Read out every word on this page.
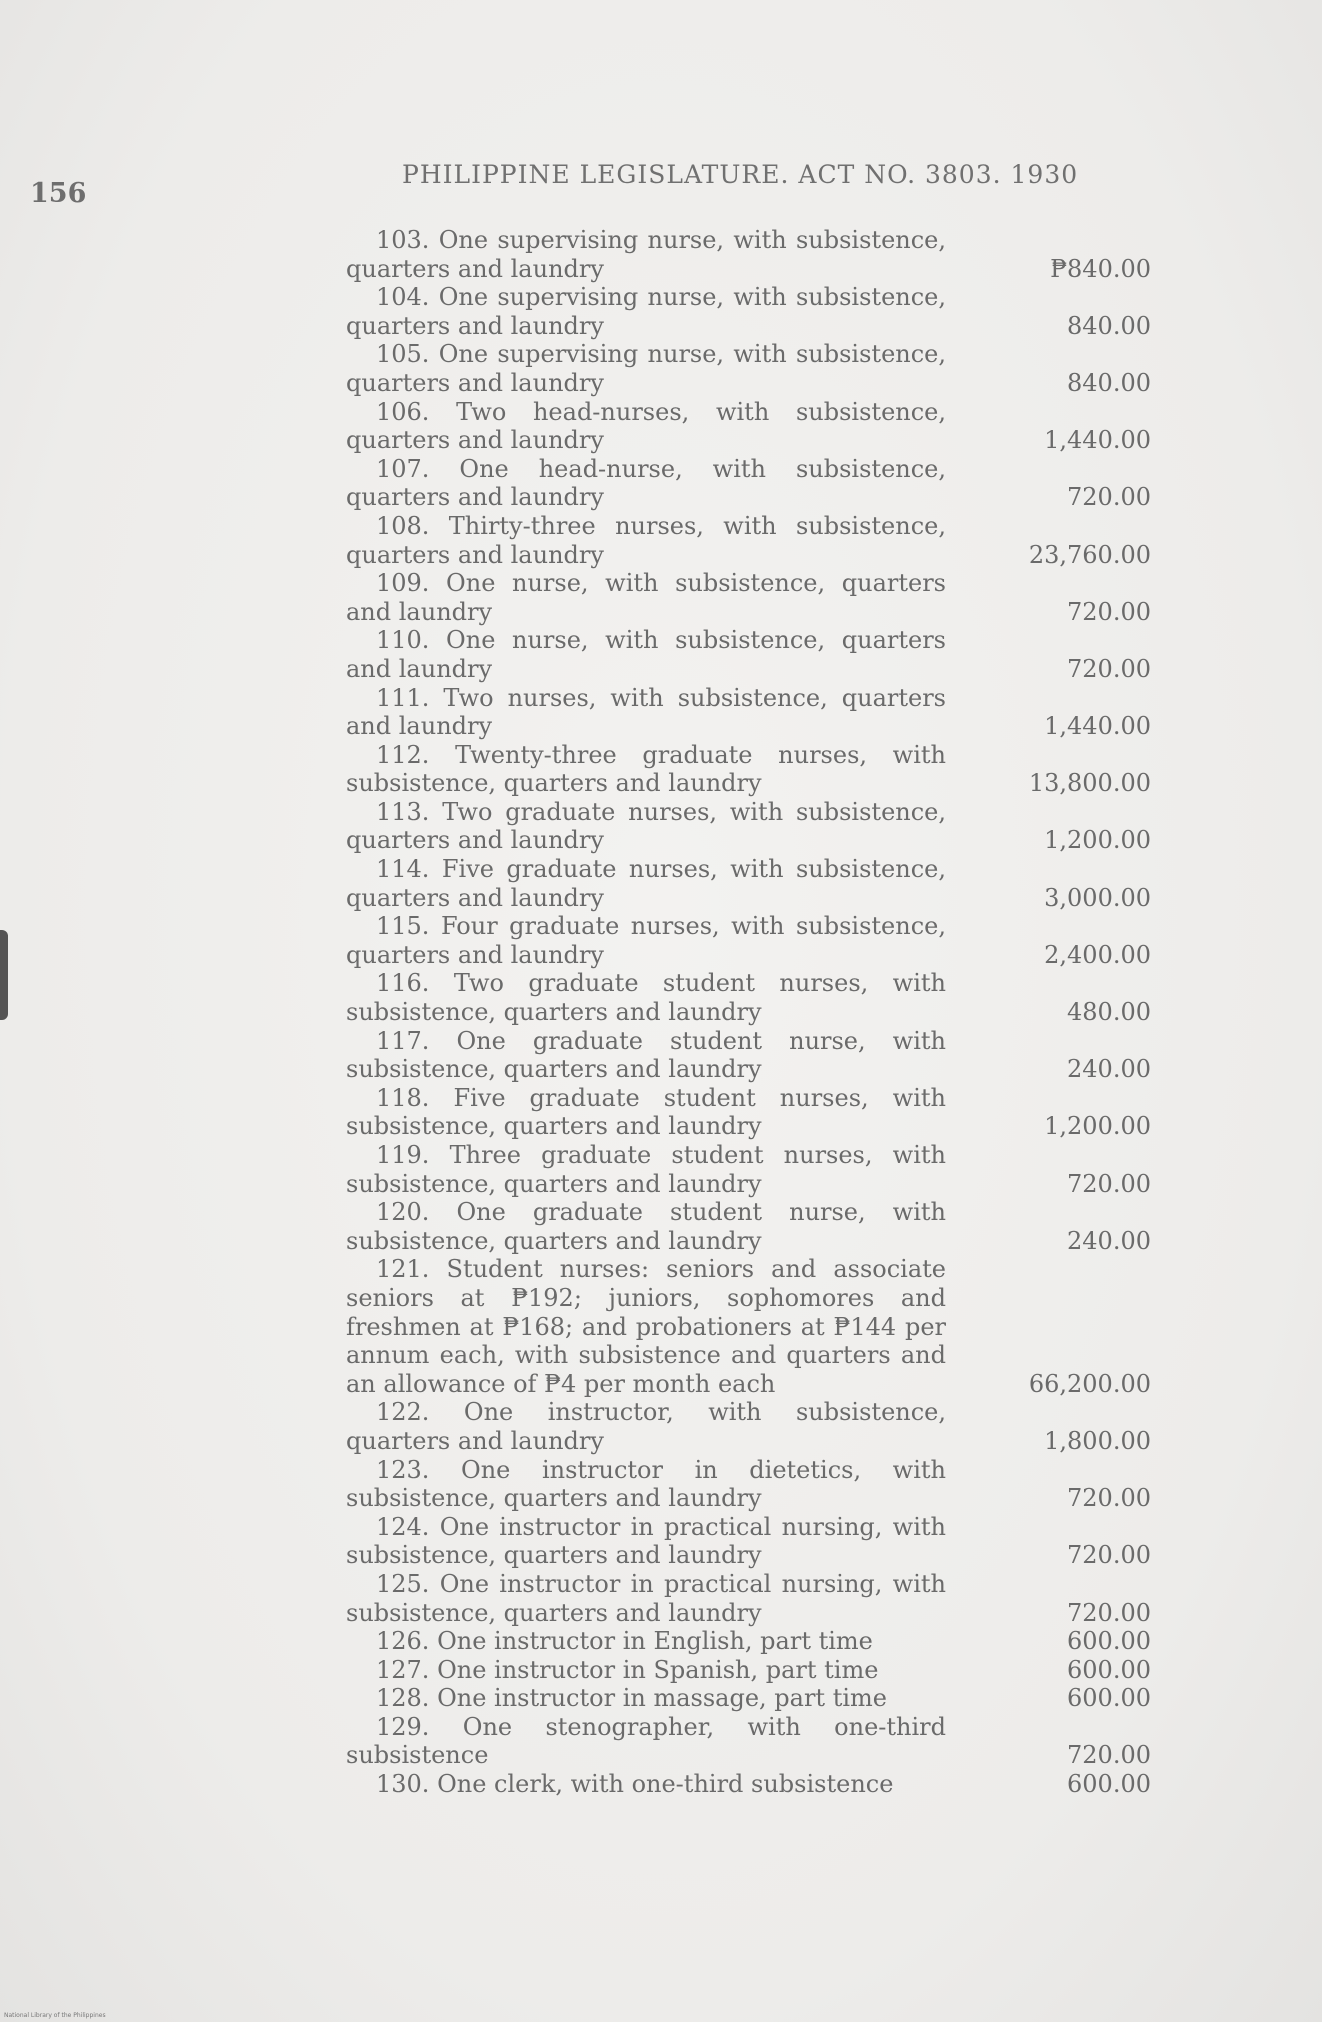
156
PHILIPPINE LEGISLATURE. ACT NO. 3803. 1930
103. One supervising nurse, with subsistence, quarters and laundry	₱840.00
104. One supervising nurse, with subsistence, quarters and laundry	840.00
105. One supervising nurse, with subsistence, quarters and laundry	840.00
106. Two head-nurses, with subsistence, quarters and laundry	1,440.00
107. One head-nurse, with subsistence, quarters and laundry	720.00
108. Thirty-three nurses, with subsistence, quarters and laundry	23,760.00
109. One nurse, with subsistence, quarters and laundry	720.00
110. One nurse, with subsistence, quarters and laundry	720.00
111. Two nurses, with subsistence, quarters and laundry	1,440.00
112. Twenty-three graduate nurses, with subsistence, quarters and laundry	13,800.00
113. Two graduate nurses, with subsistence, quarters and laundry	1,200.00
114. Five graduate nurses, with subsistence, quarters and laundry	3,000.00
115. Four graduate nurses, with subsistence, quarters and laundry	2,400.00
116. Two graduate student nurses, with subsistence, quarters and laundry	480.00
117. One graduate student nurse, with subsistence, quarters and laundry	240.00
118. Five graduate student nurses, with subsistence, quarters and laundry	1,200.00
119. Three graduate student nurses, with subsistence, quarters and laundry	720.00
120. One graduate student nurse, with subsistence, quarters and laundry	240.00
121. Student nurses: seniors and associate seniors at ₱192; juniors, sophomores and freshmen at ₱168; and probationers at ₱144 per annum each, with subsistence and quarters and an allowance of ₱4 per month each	66,200.00
122. One instructor, with subsistence, quarters and laundry	1,800.00
123. One instructor in dietetics, with subsistence, quarters and laundry	720.00
124. One instructor in practical nursing, with subsistence, quarters and laundry	720.00
125. One instructor in practical nursing, with subsistence, quarters and laundry	720.00
126. One instructor in English, part time	600.00
127. One instructor in Spanish, part time	600.00
128. One instructor in massage, part time	600.00
129. One stenographer, with one-third subsistence	720.00
130. One clerk, with one-third subsistence	600.00
National Library of the Philippines
